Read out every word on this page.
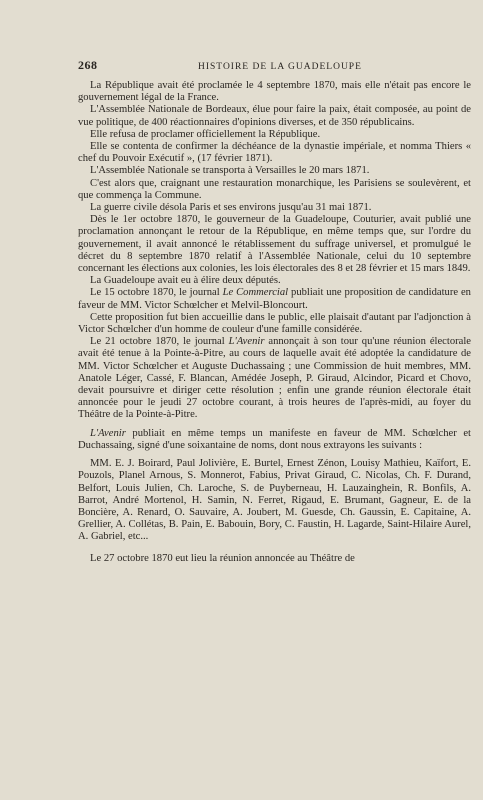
268	HISTOIRE DE LA GUADELOUPE

La République avait été proclamée le 4 septembre 1870, mais elle n'était pas encore le gouvernement légal de la France.

L'Assemblée Nationale de Bordeaux, élue pour faire la paix, était composée, au point de vue politique, de 400 réactionnaires d'opinions diverses, et de 350 républicains.

Elle refusa de proclamer officiellement la République.

Elle se contenta de confirmer la déchéance de la dynastie impériale, et nomma Thiers « chef du Pouvoir Exécutif », (17 février 1871).

L'Assemblée Nationale se transporta à Versailles le 20 mars 1871.

C'est alors que, craignant une restauration monarchique, les Parisiens se soulevèrent, et que commença la Commune.

La guerre civile désola Paris et ses environs jusqu'au 31 mai 1871.

Dès le 1er octobre 1870, le gouverneur de la Guadeloupe, Couturier, avait publié une proclamation annonçant le retour de la République, en même temps que, sur l'ordre du gouvernement, il avait annoncé le rétablissement du suffrage universel, et promulgué le décret du 8 septembre 1870 relatif à l'Assemblée Nationale, celui du 10 septembre concernant les élections aux colonies, les lois électorales des 8 et 28 février et 15 mars 1849.

La Guadeloupe avait eu à élire deux députés.

Le 15 octobre 1870, le journal Le Commercial publiait une proposition de candidature en faveur de MM. Victor Schœlcher et Melvil-Bloncourt.

Cette proposition fut bien accueillie dans le public, elle plaisait d'autant par l'adjonction à Victor Schœlcher d'un homme de couleur d'une famille considérée.

Le 21 octobre 1870, le journal L'Avenir annonçait à son tour qu'une réunion électorale avait été tenue à la Pointe-à-Pitre, au cours de laquelle avait été adoptée la candidature de MM. Victor Schœlcher et Auguste Duchassaing ; une Commission de huit membres, MM. Anatole Léger, Cassé, F. Blancan, Amédée Joseph, P. Giraud, Alcindor, Picard et Chovo, devait poursuivre et diriger cette résolution ; enfin une grande réunion électorale était annoncée pour le jeudi 27 octobre courant, à trois heures de l'après-midi, au foyer du Théâtre de la Pointe-à-Pitre.

L'Avenir publiait en même temps un manifeste en faveur de MM. Schœlcher et Duchassaing, signé d'une soixantaine de noms, dont nous extrayons les suivants :

MM. E. J. Boirard, Paul Jolivière, E. Burtel, Ernest Zénon, Louisy Mathieu, Kaïfort, E. Pouzols, Planel Arnous, S. Monnerot, Fabius, Privat Giraud, C. Nicolas, Ch. F. Durand, Belfort, Louis Julien, Ch. Laroche, S. de Puyberneau, H. Lauzainghein, R. Bonfils, A. Barrot, André Mortenol, H. Samin, N. Ferret, Rigaud, E. Brumant, Gagneur, E. de la Boncière, A. Renard, O. Sauvaire, A. Joubert, M. Guesde, Ch. Gaussin, E. Capitaine, A. Grellier, A. Collétas, B. Pain, E. Babouin, Bory, C. Faustin, H. Lagarde, Saint-Hilaire Aurel, A. Gabriel, etc...

Le 27 octobre 1870 eut lieu la réunion annoncée au Théâtre de
